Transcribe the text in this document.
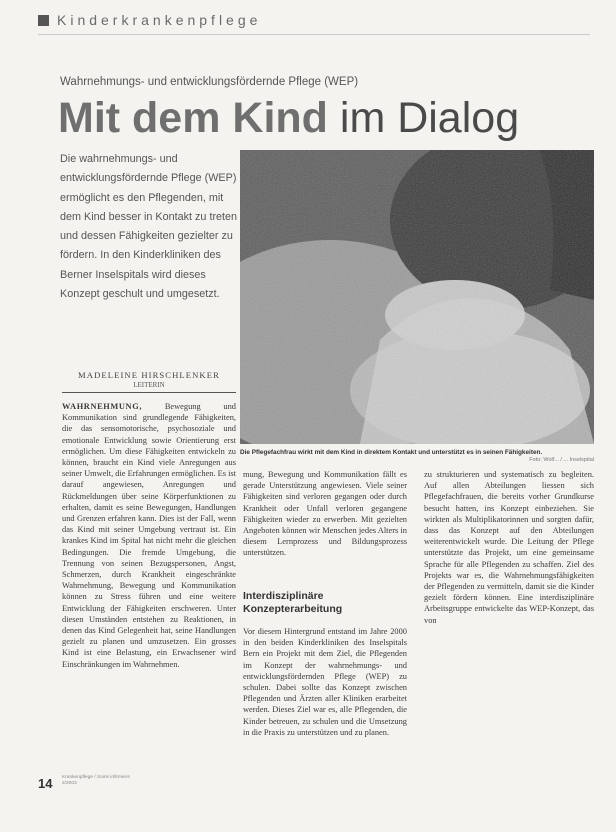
Kinderkrankenpflege
Wahrnehmungs- und entwicklungsfördernde Pflege (WEP)
Mit dem Kind im Dialog

Die wahrnehmungs- und entwicklungsfördernde Pflege (WEP) ermöglicht es den Pflegenden, mit dem Kind besser in Kontakt zu treten und dessen Fähigkeiten gezielter zu fördern. In den Kinderkliniken des Berner Inselspitals wird dieses Konzept geschult und umgesetzt.

Die Pflegefachfrau wirkt mit dem Kind in direktem Kontakt und unterstützt es in seinen Fähigkeiten.
Foto: Wolf... / ... Inselspital
MADELEINE HIRSCHLENKER
LEITERIN

WAHRNEHMUNG, Bewegung und Kommunikation sind grundlegende Fähigkeiten, die das sensomotorische, psychosoziale und emotionale Entwicklung sowie Orientierung erst ermöglichen. Um diese Fähigkeiten entwickeln zu können, braucht ein Kind viele Anregungen aus seiner Umwelt, die Erfahrungen ermöglichen. Es ist darauf angewiesen, Anregungen und Rückmeldungen über seine Körperfunktionen zu erhalten, damit es seine Bewegungen, Handlungen und Grenzen erfahren kann. Dies ist der Fall, wenn das Kind mit seiner Umgebung vertraut ist. Ein krankes Kind im Spital hat nicht mehr die gleichen Bedingungen. Die fremde Umgebung, die Trennung von seinen Bezugspersonen, Angst, Schmerzen, durch Krankheit eingeschränkte Wahrnehmung, Bewegung und Kommunikation können zu Stress führen und eine weitere Entwicklung der Fähigkeiten erschweren. Unter diesen Umständen entstehen zu Reaktionen, in denen das Kind Gelegenheit hat, seine Handlungen gezielt zu planen und umzusetzen. Ein grosses Kind ist eine Belastung, ein Erwachsener wird Einschränkungen im Wahrnehmen.

mung, Bewegung und Kommunikation fällt es gerade Unterstützung angewiesen. Viele seiner Fähigkeiten sind verloren gegangen oder durch Krankheit oder Unfall verloren gegangene Fähigkeiten wieder zu erwerben. Mit gezielten Angeboten können wir Menschen jedes Alters in diesem Lernprozess und Bildungsprozess unterstützen.

Interdisziplinäre Konzepterarbeitung

Vor diesem Hintergrund entstand im Jahre 2000 in den beiden Kinderkliniken des Inselspitals Bern ein Projekt mit dem Ziel, die Pflegenden im Konzept der wahrnehmungs- und entwicklungsfördernden Pflege (WEP) zu schulen. Dabei sollte das Konzept zwischen Pflegenden und Ärzten aller Kliniken erarbeitet werden. Dieses Ziel war es, alle Pflegenden, die Kinder betreuen, zu schulen und die Umsetzung in die Praxis zu unterstützen und zu planen.

zu strukturieren und systematisch zu begleiten. Auf allen Abteilungen liessen sich Pflegefachfrauen, die bereits vorher Grundkurse besucht hatten, ins Konzept einbeziehen. Sie wirkten als Multiplikatorinnen und sorgten dafür, dass das Konzept auf den Abteilungen weiterentwickelt wurde. Die Leitung der Pflege unterstützte das Projekt, um eine gemeinsame Sprache für alle Pflegenden zu schaffen. Ziel des Projekts war es, die Wahrnehmungsfähigkeiten der Pflegenden zu vermitteln, damit sie die Kinder gezielt fördern können. Eine interdisziplinäre Arbeitsgruppe entwickelte das WEP-Konzept, das von

14 Krankenpflege / Soins infirmiers 2/2003
